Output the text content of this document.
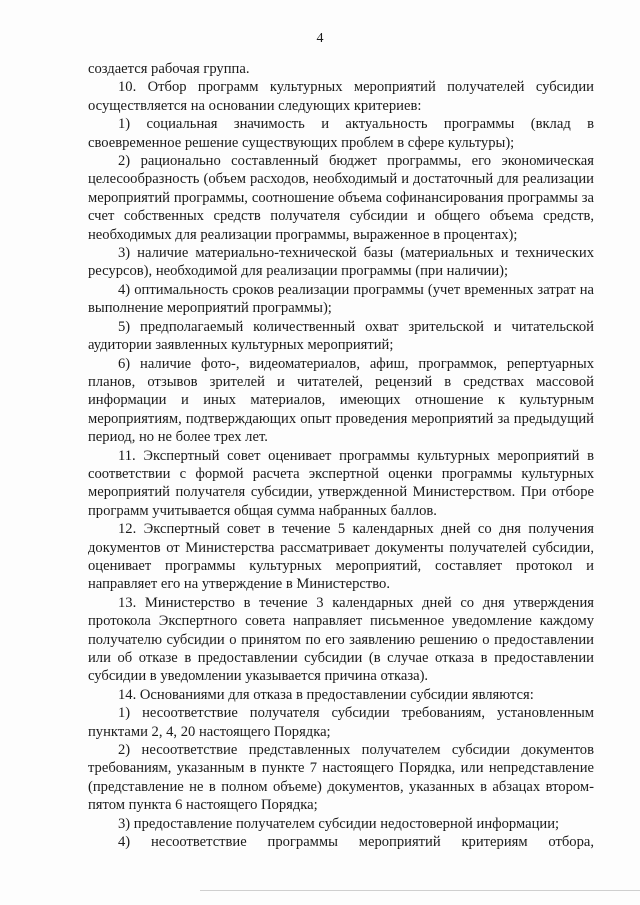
4

создается рабочая группа.

10. Отбор программ культурных мероприятий получателей субсидии осуществляется на основании следующих критериев:

1) социальная значимость и актуальность программы (вклад в своевременное решение существующих проблем в сфере культуры);

2) рационально составленный бюджет программы, его экономическая целесообразность (объем расходов, необходимый и достаточный для реализации мероприятий программы, соотношение объема софинансирования программы за счет собственных средств получателя субсидии и общего объема средств, необходимых для реализации программы, выраженное в процентах);

3) наличие материально-технической базы (материальных и технических ресурсов), необходимой для реализации программы (при наличии);

4) оптимальность сроков реализации программы (учет временных затрат на выполнение мероприятий программы);

5) предполагаемый количественный охват зрительской и читательской аудитории заявленных культурных мероприятий;

6) наличие фото-, видеоматериалов, афиш, программок, репертуарных планов, отзывов зрителей и читателей, рецензий в средствах массовой информации и иных материалов, имеющих отношение к культурным мероприятиям, подтверждающих опыт проведения мероприятий за предыдущий период, но не более трех лет.

11. Экспертный совет оценивает программы культурных мероприятий в соответствии с формой расчета экспертной оценки программы культурных мероприятий получателя субсидии, утвержденной Министерством. При отборе программ учитывается общая сумма набранных баллов.

12. Экспертный совет в течение 5 календарных дней со дня получения документов от Министерства рассматривает документы получателей субсидии, оценивает программы культурных мероприятий, составляет протокол и направляет его на утверждение в Министерство.

13. Министерство в течение 3 календарных дней со дня утверждения протокола Экспертного совета направляет письменное уведомление каждому получателю субсидии о принятом по его заявлению решению о предоставлении или об отказе в предоставлении субсидии (в случае отказа в предоставлении субсидии в уведомлении указывается причина отказа).

14. Основаниями для отказа в предоставлении субсидии являются:

1) несоответствие получателя субсидии требованиям, установленным пунктами 2, 4, 20 настоящего Порядка;

2) несоответствие представленных получателем субсидии документов требованиям, указанным в пункте 7 настоящего Порядка, или непредставление (представление не в полном объеме) документов, указанных в абзацах втором-пятом пункта 6 настоящего Порядка;

3) предоставление получателем субсидии недостоверной информации;

4) несоответствие программы мероприятий критериям отбора,
